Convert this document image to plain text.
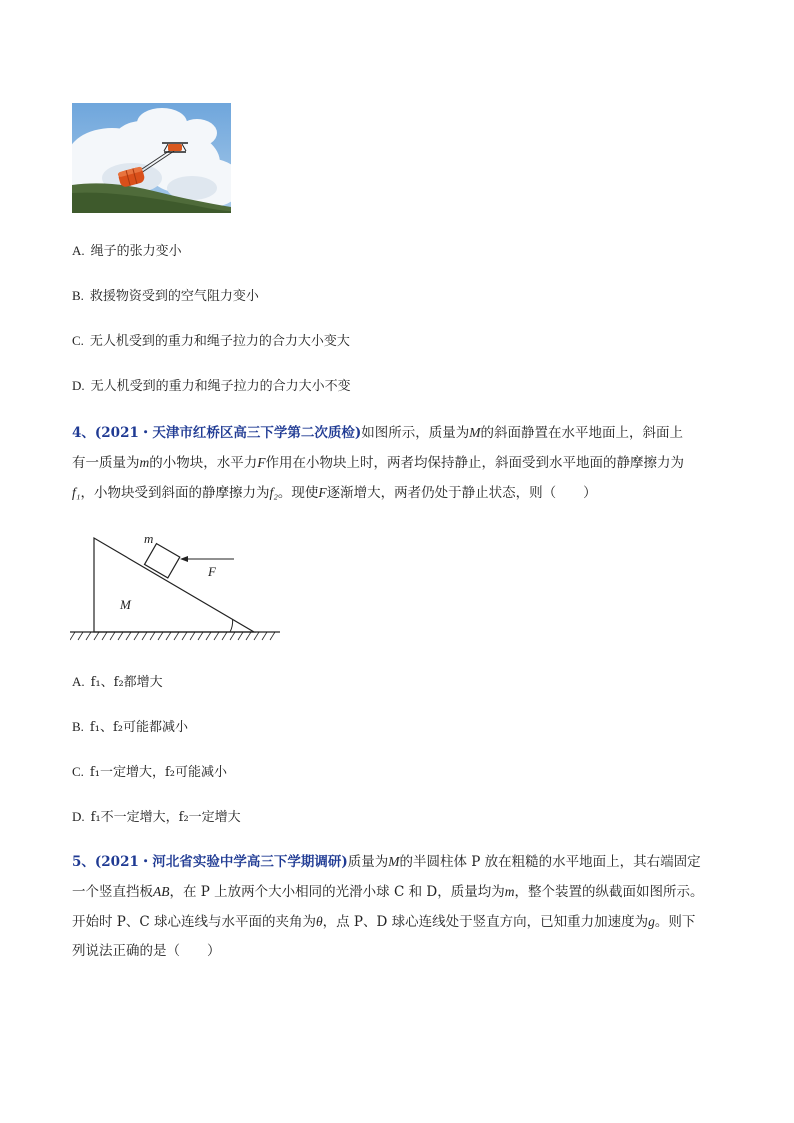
A. 绳子的张力变小
B. 救援物资受到的空气阻力变小
C. 无人机受到的重力和绳子拉力的合力大小变大
D. 无人机受到的重力和绳子拉力的合力大小不变
4、(2021・天津市红桥区高三下学第二次质检)如图所示，质量为M的斜面静置在水平地面上，斜面上
有一质量为m的小物块，水平力F作用在小物块上时，两者均保持静止，斜面受到水平地面的静摩擦力为
f₁，小物块受到斜面的静摩擦力为f₂。现使F逐渐增大，两者仍处于静止状态，则（　　）
m
F
M
A. f₁、f₂都增大
B. f₁、f₂可能都减小
C. f₁一定增大，f₂可能减小
D. f₁不一定增大，f₂一定增大
5、(2021・河北省实验中学高三下学期调研)质量为M的半圆柱体 P 放在粗糙的水平地面上，其右端固定
一个竖直挡板AB，在 P 上放两个大小相同的光滑小球 C 和 D，质量均为m，整个装置的纵截面如图所示。
开始时 P、C 球心连线与水平面的夹角为θ，点 P、D 球心连线处于竖直方向，已知重力加速度为g。则下
列说法正确的是（　　）
